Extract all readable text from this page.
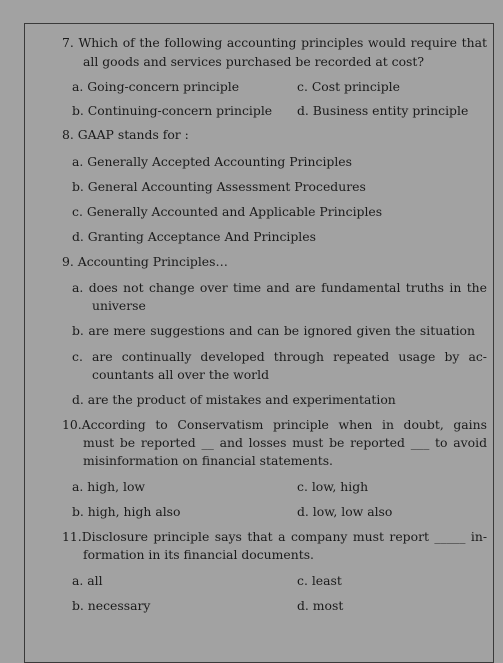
7. Which of the following accounting principles would require that
all goods and services purchased be recorded at cost?
a. Going-concern principle	c. Cost principle
b. Continuing-concern principle d. Business entity principle
8. GAAP stands for :
a. Generally Accepted Accounting Principles
b. General Accounting Assessment Procedures
c. Generally Accounted and Applicable Principles
d. Granting Acceptance And Principles
9. Accounting Principles…
a. does not change over time and are fundamental truths in the
universe
b. are mere suggestions and can be ignored given the situation
c. are continually developed through repeated usage by ac-
countants all over the world
d. are the product of mistakes and experimentation
10.According to Conservatism principle when in doubt, gains
must be reported __ and losses must be reported ___ to avoid
misinformation on financial statements.
a. high, low	c. low, high
b. high, high also	d. low, low also
11.Disclosure principle says that a company must report _____ in-
formation in its financial documents.
a. all	c. least
b. necessary	d. most
